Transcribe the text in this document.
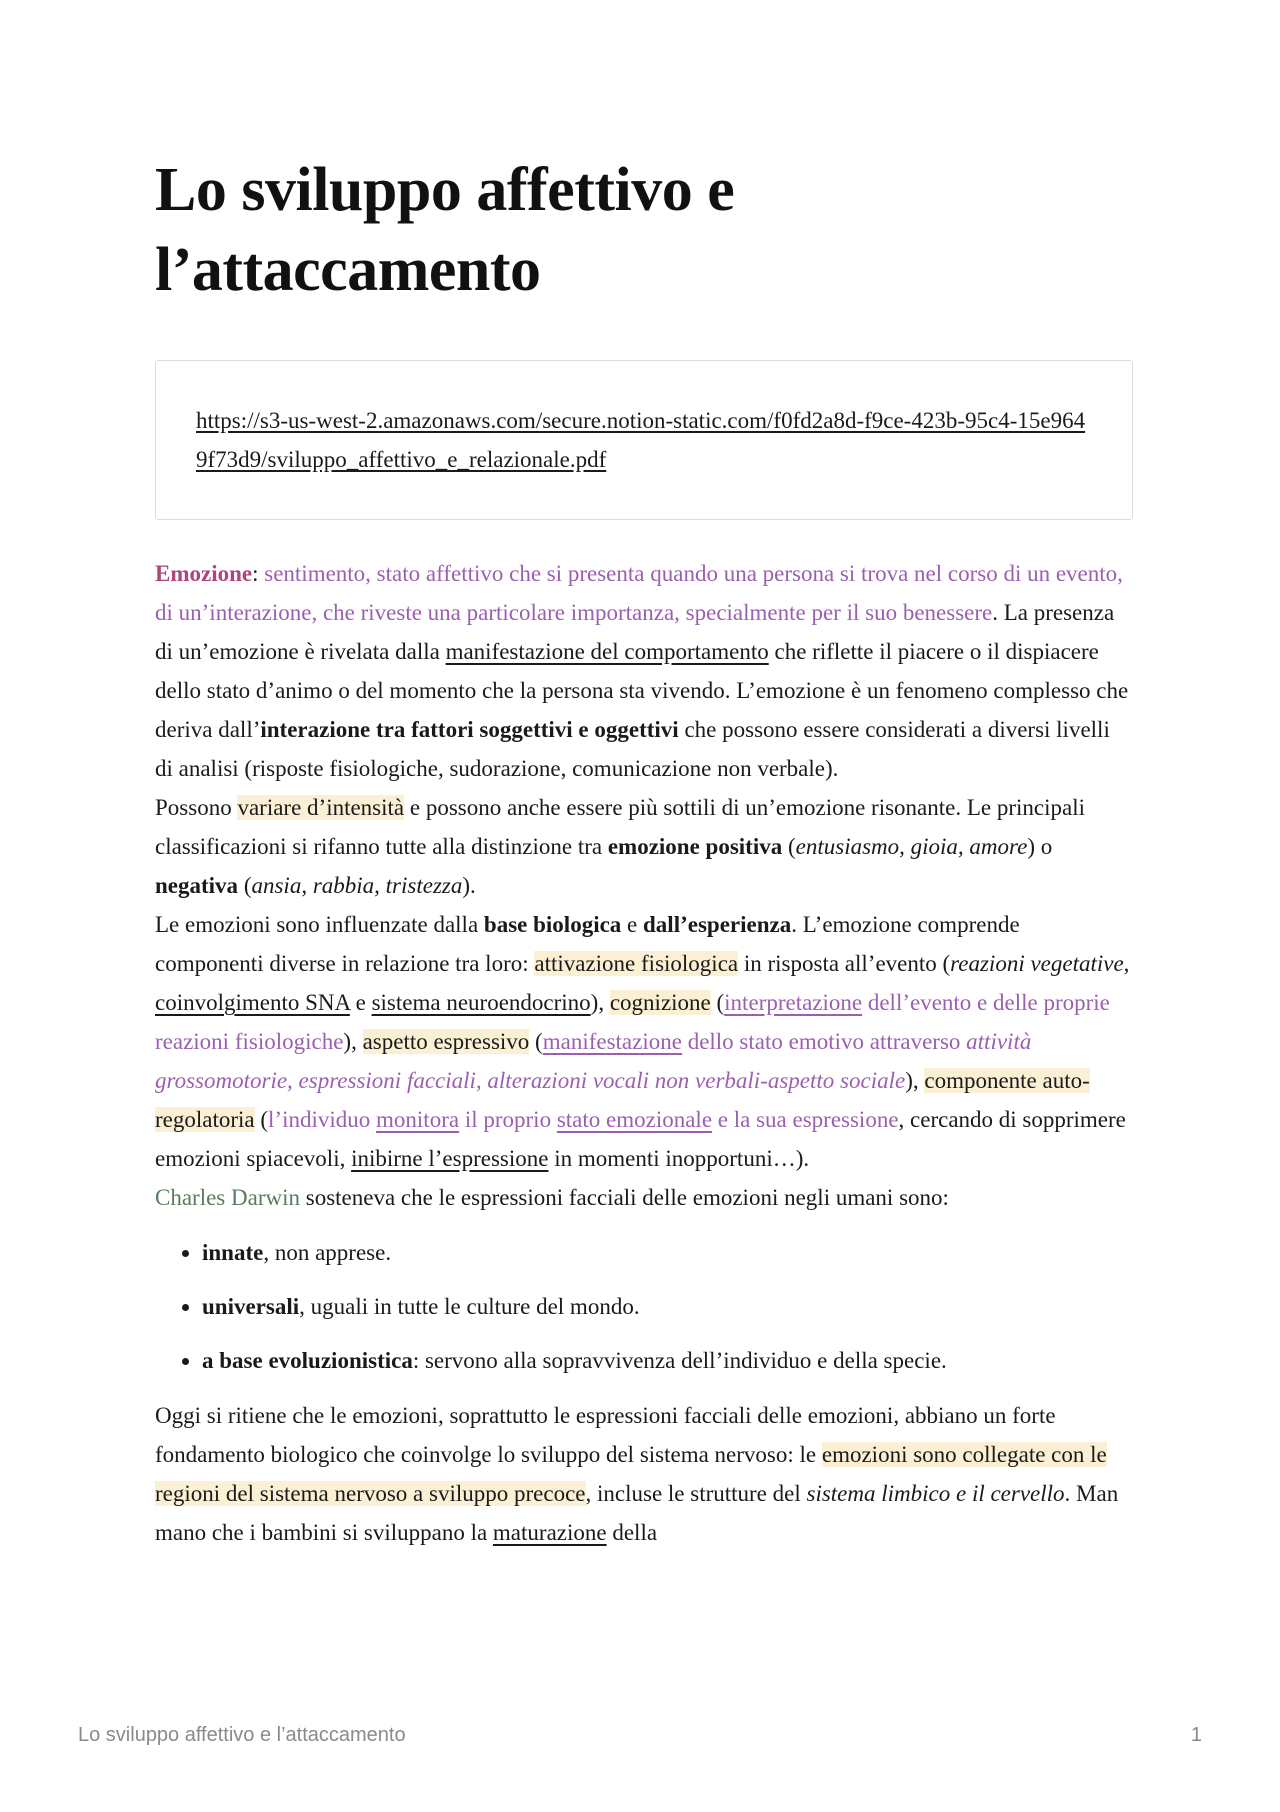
Lo sviluppo affettivo e l’attaccamento
https://s3-us-west-2.amazonaws.com/secure.notion-static.com/f0fd2a8d-f9ce-423b-95c4-15e9649f73d9/sviluppo_affettivo_e_relazionale.pdf

Emozione: sentimento, stato affettivo che si presenta quando una persona si trova nel corso di un evento, di un’interazione, che riveste una particolare importanza, specialmente per il suo benessere. La presenza di un’emozione è rivelata dalla manifestazione del comportamento che riflette il piacere o il dispiacere dello stato d’animo o del momento che la persona sta vivendo. L’emozione è un fenomeno complesso che deriva dall’interazione tra fattori soggettivi e oggettivi che possono essere considerati a diversi livelli di analisi (risposte fisiologiche, sudorazione, comunicazione non verbale).

Possono variare d’intensità e possono anche essere più sottili di un’emozione risonante. Le principali classificazioni si rifanno tutte alla distinzione tra emozione positiva (entusiasmo, gioia, amore) o negativa (ansia, rabbia, tristezza).

Le emozioni sono influenzate dalla base biologica e dall’esperienza. L’emozione comprende componenti diverse in relazione tra loro: attivazione fisiologica in risposta all’evento (reazioni vegetative, coinvolgimento SNA e sistema neuroendocrino), cognizione (interpretazione dell’evento e delle proprie reazioni fisiologiche), aspetto espressivo (manifestazione dello stato emotivo attraverso attività grossomotorie, espressioni facciali, alterazioni vocali non verbali-aspetto sociale), componente auto-regolatoria (l’individuo monitora il proprio stato emozionale e la sua espressione, cercando di sopprimere emozioni spiacevoli, inibirne l’espressione in momenti inopportuni…).

Charles Darwin sosteneva che le espressioni facciali delle emozioni negli umani sono:

• innate, non apprese.
• universali, uguali in tutte le culture del mondo.
• a base evoluzionistica: servono alla sopravvivenza dell’individuo e della specie.

Oggi si ritiene che le emozioni, soprattutto le espressioni facciali delle emozioni, abbiano un forte fondamento biologico che coinvolge lo sviluppo del sistema nervoso: le emozioni sono collegate con le regioni del sistema nervoso a sviluppo precoce, incluse le strutture del sistema limbico e il cervello. Man mano che i bambini si sviluppano la maturazione della

Lo sviluppo affettivo e l’attaccamento	1
